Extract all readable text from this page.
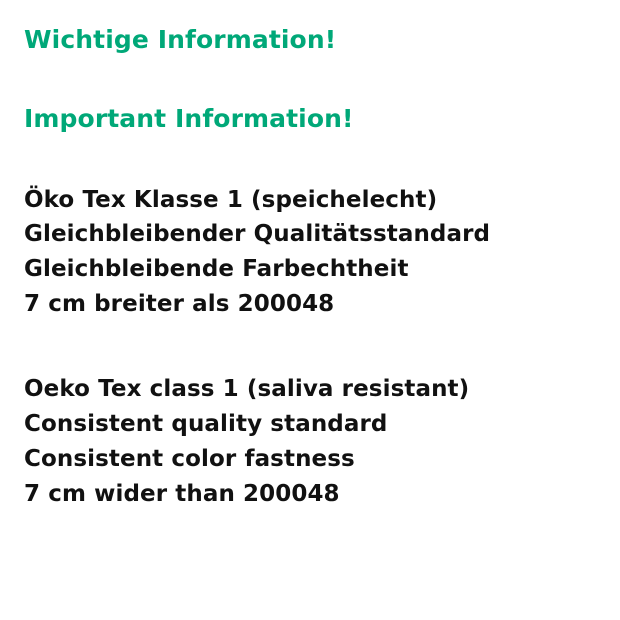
Wichtige Information!
Important Information!
Öko Tex Klasse 1 (speichelecht)
Gleichbleibender Qualitätsstandard
Gleichbleibende Farbechtheit
7 cm breiter als 200048
Oeko Tex class 1 (saliva resistant)
Consistent quality standard
Consistent color fastness
7 cm wider than 200048
